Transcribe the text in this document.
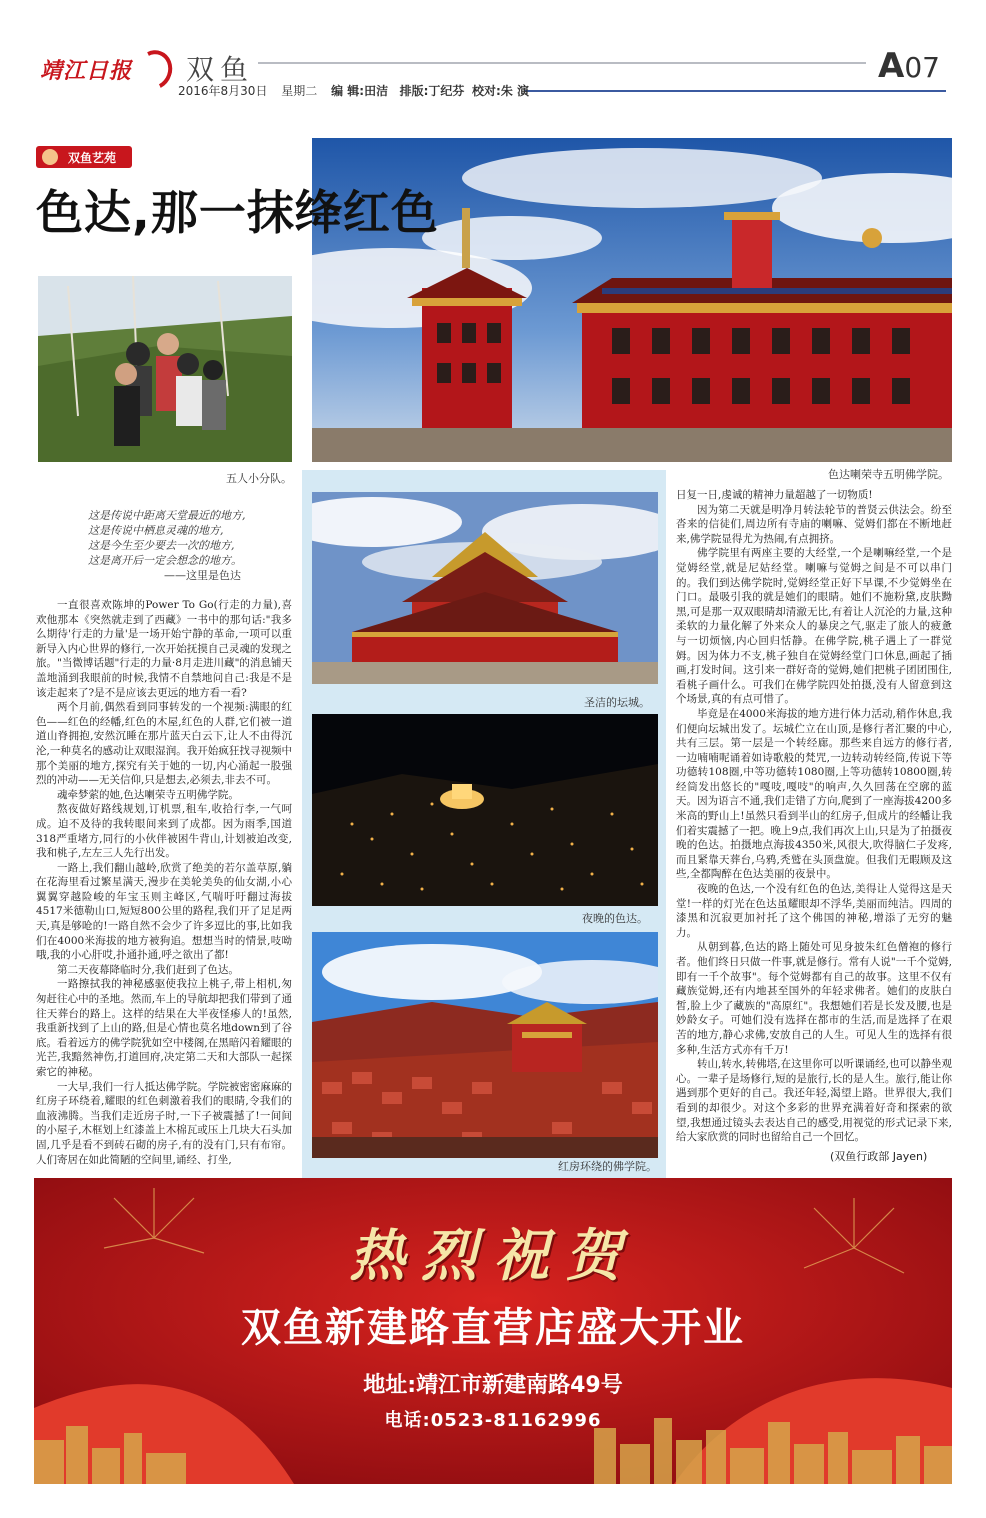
靖江日报 双鱼	A07
2016年8月30日 星期二 编 辑:田洁 排版:丁纪芬 校对:朱 演
双鱼艺苑
色达,那一抹绛红色
色达喇荣寺五明佛学院。
五人小分队。
圣洁的坛城。
夜晚的色达。
红房环绕的佛学院。
这是传说中距离天堂最近的地方,
这是传说中栖息灵魂的地方,
这是今生至少要去一次的地方,
这是离开后一定会想念的地方。
——这里是色达

一直很喜欢陈坤的Power To Go(行走的力量),喜欢他那本《突然就走到了西藏》一书中的那句话:"我多么期待'行走的力量'是一场开始宁静的革命,一项可以重新导入内心世界的修行,一次开始抚摸自己灵魂的发现之旅。"当微博话题"行走的力量·8月走进川藏"的消息铺天盖地涌到我眼前的时候,我情不自禁地问自己:我是不是该走起来了?是不是应该去更远的地方看一看?

两个月前,偶然看到同事转发的一个视频:满眼的红色——红色的经幡,红色的木屋,红色的人群,它们被一道道山脊拥抱,安然沉睡在那片蓝天白云下,让人不由得沉沦,一种莫名的感动让双眼湿润。我开始疯狂找寻视频中那个美丽的地方,探究有关于她的一切,内心涌起一股强烈的冲动——无关信仰,只是想去,必须去,非去不可。

魂牵梦萦的她,色达喇荣寺五明佛学院。

熬夜做好路线规划,订机票,租车,收拾行李,一气呵成。迫不及待的我转眼间来到了成都。因为雨季,国道318严重堵方,同行的小伙伴被困牛背山,计划被迫改变,我和桃子,左左三人先行出发。

一路上,我们翻山越岭,欣赏了绝美的若尔盖草原,躺在花海里看过繁星满天,漫步在美轮美奂的仙女湖,小心翼翼穿越险峻的年宝玉则主峰区,气喘吁吁翻过海拔4517米德勒山口,短短800公里的路程,我们开了足足两天,真是够呛的!一路自然不会少了许多逗比的事,比如我们在4000米海拔的地方被狗追。想想当时的情景,吱呦哦,我的小心肝哎,扑通扑通,呼之欲出了都!

第二天夜幕降临时分,我们赶到了色达。

一路擦拭我的神秘感驱使我拉上桃子,带上相机,匆匆赶往心中的圣地。然而,车上的导航却把我们带到了通往天葬台的路上。这样的结果在大半夜怪瘆人的!虽然,我重新找到了上山的路,但是心情也莫名地down到了谷底。看着远方的佛学院犹如空中楼阁,在黑暗闪着耀眼的光芒,我黯然神伤,打道回府,决定第二天和大部队一起探索它的神秘。

一大早,我们一行人抵达佛学院。学院被密密麻麻的红房子环绕着,耀眼的红色刺激着我们的眼睛,令我们的血液沸腾。当我们走近房子时,一下子被震撼了!一间间的小屋子,木框划上红漆盖上木棉瓦或压上几块大石头加固,几乎是看不到砖石砌的房子,有的没有门,只有布帘。人们寄居在如此简陋的空间里,诵经、打坐,

日复一日,虔诚的精神力量超越了一切物质!

因为第二天就是明净月转法轮节的普贤云供法会。纷至沓来的信徒们,周边所有寺庙的喇嘛、觉姆们都在不断地赶来,佛学院显得尤为热闹,有点拥挤。

佛学院里有两座主要的大经堂,一个是喇嘛经堂,一个是觉姆经堂,就是尼姑经堂。喇嘛与觉姆之间是不可以串门的。我们到达佛学院时,觉姆经堂正好下早课,不少觉姆坐在门口。最吸引我的就是她们的眼睛。她们不施粉黛,皮肤黝黑,可是那一双双眼睛却清澈无比,有着让人沉沦的力量,这种柔软的力量化解了外来众人的暴戾之气,驱走了旅人的疲惫与一切烦恼,内心回归恬静。在佛学院,桃子遇上了一群觉姆。因为体力不支,桃子独自在觉姆经堂门口休息,画起了插画,打发时间。这引来一群好奇的觉姆,她们把桃子团团围住,看桃子画什么。可我们在佛学院四处拍摄,没有人留意到这个场景,真的有点可惜了。

毕竟是在4000米海拔的地方进行体力活动,稍作休息,我们便向坛城出发了。坛城伫立在山顶,是修行者汇聚的中心,共有三层。第一层是一个转经廊。那些来自远方的修行者,一边喃喃呢诵着如诗歌般的梵咒,一边转动转经筒,传说下等功德转108圈,中等功德转1080圈,上等功德转10800圈,转经筒发出悠长的"嘎吱,嘎吱"的响声,久久回荡在空廓的蓝天。因为语言不通,我们走错了方向,爬到了一座海拔4200多米高的野山上!虽然只看到半山的红房子,但成片的经幡让我们着实震撼了一把。晚上9点,我们再次上山,只是为了拍摄夜晚的色达。拍摄地点海拔4350米,风很大,吹得脑仁子发疼,而且紧靠天葬台,乌鸦,秃鹫在头顶盘旋。但我们无暇顾及这些,全都陶醉在色达美丽的夜景中。

夜晚的色达,一个没有红色的色达,美得让人觉得这是天堂!一样的灯光在色达虽耀眼却不浮华,美丽而纯洁。四周的漆黑和沉寂更加衬托了这个佛国的神秘,增添了无穷的魅力。

从朝到暮,色达的路上随处可见身披朱红色僧袍的修行者。他们终日只做一件事,就是修行。常有人说"一千个觉姆,即有一千个故事"。每个觉姆都有自己的故事。这里不仅有藏族觉姆,还有内地甚至国外的年轻求佛者。她们的皮肤白皙,脸上少了藏族的"高原红"。我想她们若是长发及腰,也是妙龄女子。可她们没有选择在都市的生活,而是选择了在艰苦的地方,静心求佛,安放自己的人生。可见人生的选择有很多种,生活方式亦有千万!

转山,转水,转佛塔,在这里你可以听课诵经,也可以静坐观心。一辈子是场修行,短的是旅行,长的是人生。旅行,能让你遇到那个更好的自己。我还年轻,渴望上路。世界很大,我们看到的却很少。对这个多彩的世界充满着好奇和探索的欲望,我想通过镜头去表达自己的感受,用视觉的形式记录下来,给大家欣赏的同时也留给自己一个回忆。

(双鱼行政部 Jayen)
热烈祝贺
双鱼新建路直营店盛大开业
地址:靖江市新建南路49号
电话:0523-81162996
